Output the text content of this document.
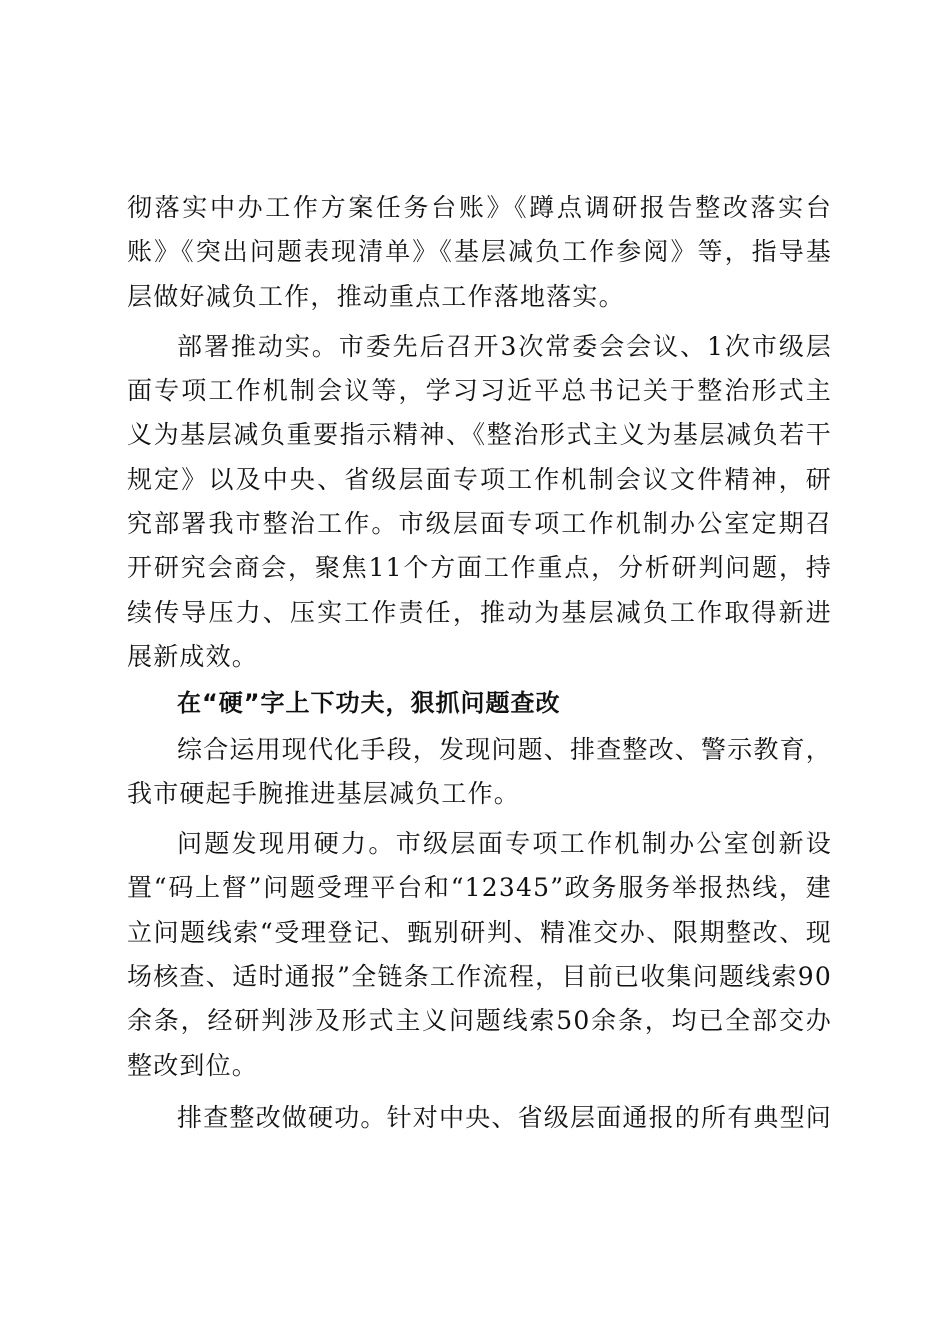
彻落实中办工作方案任务台账》《蹲点调研报告整改落实台账》《突出问题表现清单》《基层减负工作参阅》等，指导基层做好减负工作，推动重点工作落地落实。

部署推动实。市委先后召开3次常委会会议、1次市级层面专项工作机制会议等，学习习近平总书记关于整治形式主义为基层减负重要指示精神、《整治形式主义为基层减负若干规定》以及中央、省级层面专项工作机制会议文件精神，研究部署我市整治工作。市级层面专项工作机制办公室定期召开研究会商会，聚焦11个方面工作重点，分析研判问题，持续传导压力、压实工作责任，推动为基层减负工作取得新进展新成效。

在“硬”字上下功夫，狠抓问题查改

综合运用现代化手段，发现问题、排查整改、警示教育，我市硬起手腕推进基层减负工作。

问题发现用硬力。市级层面专项工作机制办公室创新设置“码上督”问题受理平台和“12345”政务服务举报热线，建立问题线索“受理登记、甄别研判、精准交办、限期整改、现场核查、适时通报”全链条工作流程，目前已收集问题线索90余条，经研判涉及形式主义问题线索50余条，均已全部交办整改到位。

排查整改做硬功。针对中央、省级层面通报的所有典型问
